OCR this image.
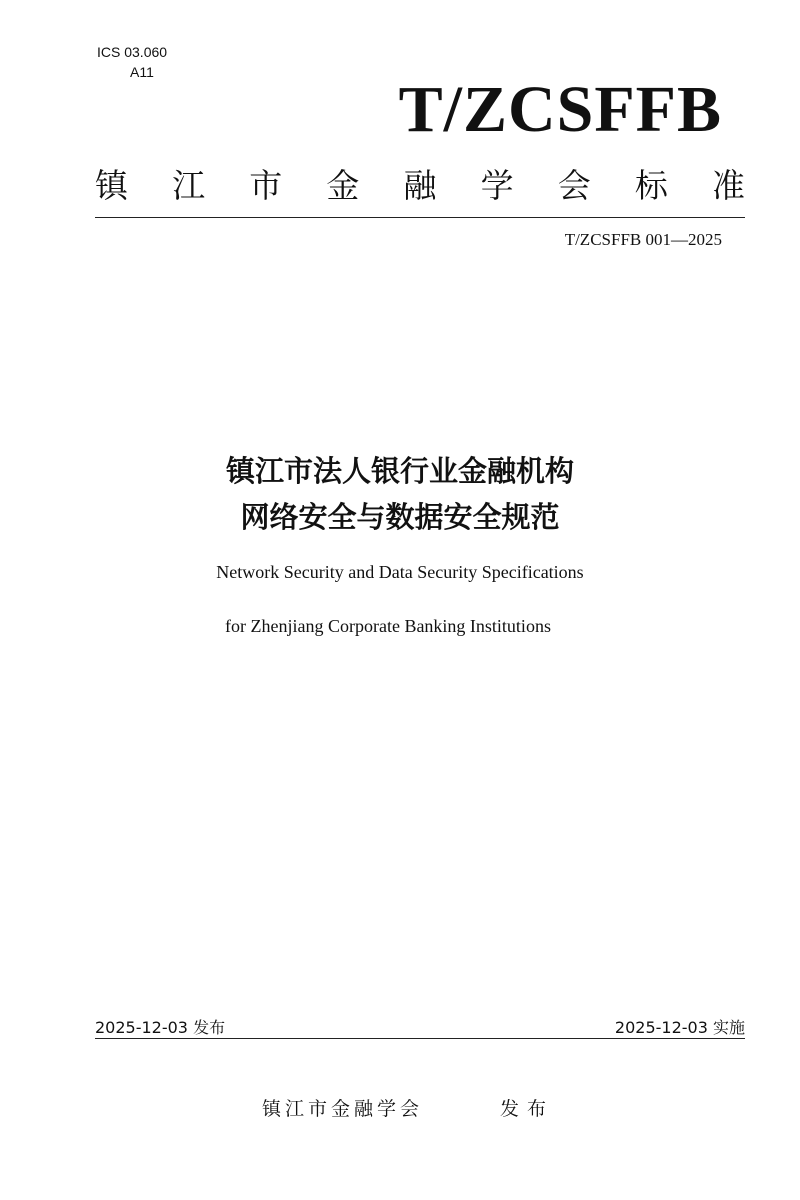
ICS 03.060
A11
T/ZCSFFB
镇 江 市 金 融 学 会 标 准
T/ZCSFFB 001—2025
镇江市法人银行业金融机构
网络安全与数据安全规范
Network Security and Data Security Specifications
for Zhenjiang Corporate Banking Institutions
2025-12-03 发布	2025-12-03 实施
镇江市金融学会	发布
